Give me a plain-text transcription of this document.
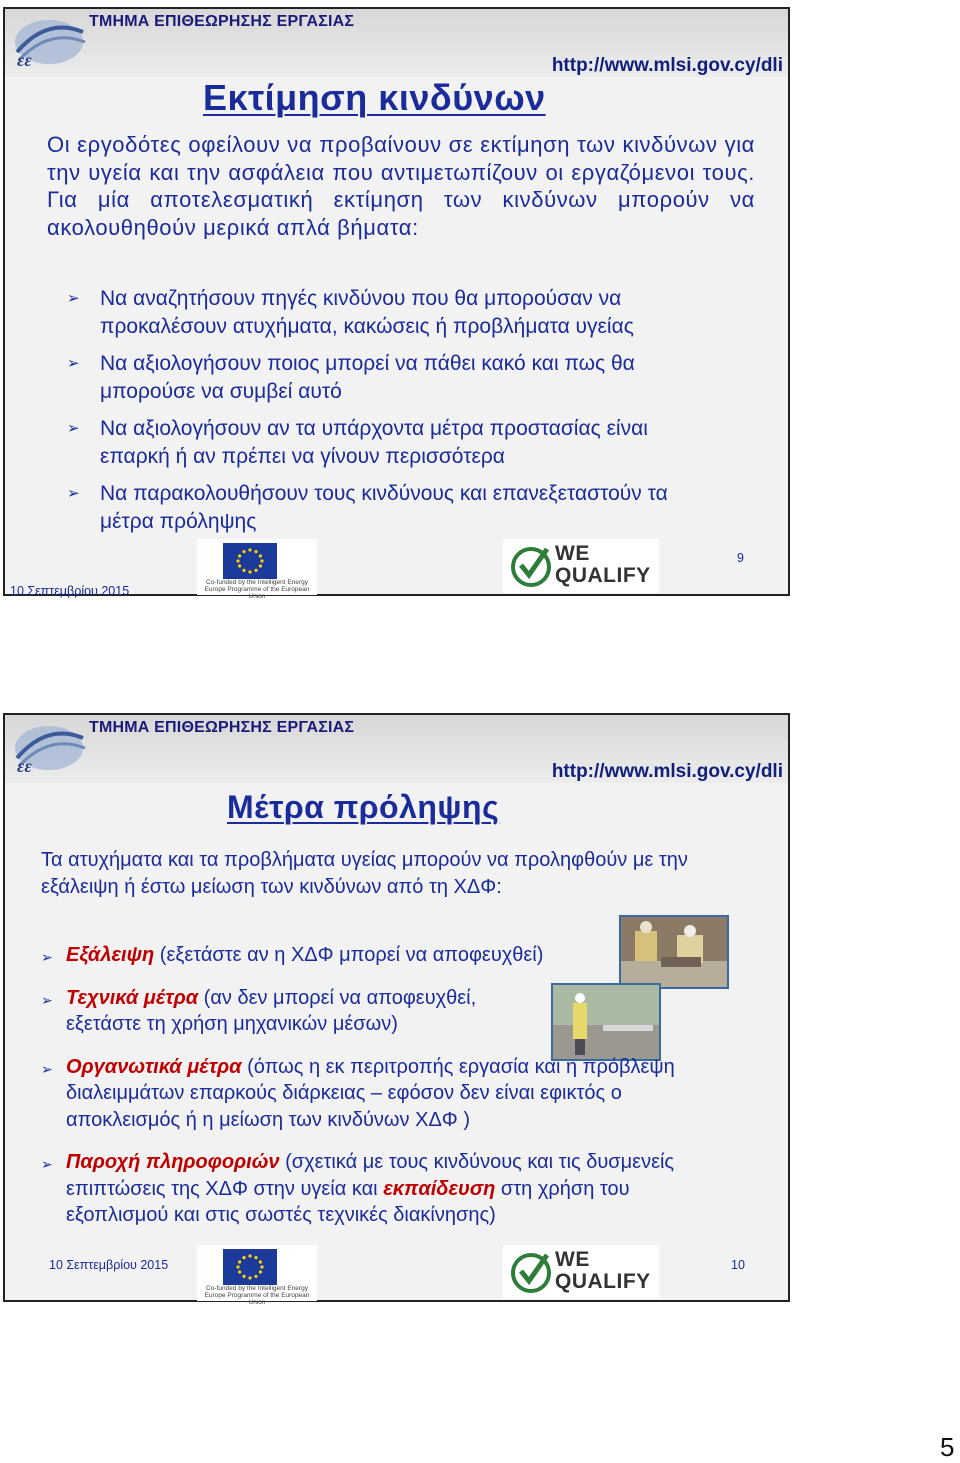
εε
ΤΜΗΜΑ ΕΠΙΘΕΩΡΗΣΗΣ ΕΡΓΑΣΙΑΣ
http://www.mlsi.gov.cy/dli
Εκτίμηση κινδύνων
Οι εργοδότες οφείλουν να προβαίνουν σε εκτίμηση των κινδύνων για την υγεία και την ασφάλεια που αντιμετωπίζουν οι εργαζόμενοι τους. Για μία αποτελεσματική εκτίμηση των κινδύνων μπορούν να ακολουθηθούν μερικά απλά βήματα:
➢ Να αναζητήσουν πηγές κινδύνου που θα μπορούσαν να προκαλέσουν ατυχήματα, κακώσεις ή προβλήματα υγείας
➢ Να αξιολογήσουν ποιος μπορεί να πάθει κακό και πως θα μπορούσε να συμβεί αυτό
➢ Να αξιολογήσουν αν τα υπάρχοντα μέτρα προστασίας είναι επαρκή ή αν πρέπει να γίνουν περισσότερα
➢ Να παρακολουθήσουν τους κινδύνους και επανεξεταστούν τα μέτρα πρόληψης
Co-funded by the Intelligent Energy Europe Programme of the European Union
WE
QUALIFY
9
10 Σεπτεμβρίου 2015
εε
ΤΜΗΜΑ ΕΠΙΘΕΩΡΗΣΗΣ ΕΡΓΑΣΙΑΣ
http://www.mlsi.gov.cy/dli
Μέτρα πρόληψης
Τα ατυχήματα και τα προβλήματα υγείας μπορούν να προληφθούν με την εξάλειψη ή έστω μείωση των κινδύνων από τη ΧΔΦ:
➢ Εξάλειψη (εξετάστε αν η ΧΔΦ μπορεί να αποφευχθεί)
➢ Τεχνικά μέτρα (αν δεν μπορεί να αποφευχθεί, εξετάστε τη χρήση μηχανικών μέσων)
➢ Οργανωτικά μέτρα (όπως η εκ περιτροπής εργασία και η πρόβλεψη διαλειμμάτων επαρκούς διάρκειας – εφόσον δεν είναι εφικτός ο αποκλεισμός ή η μείωση των κινδύνων ΧΔΦ )
➢ Παροχή πληροφοριών (σχετικά με τους κινδύνους και τις δυσμενείς επιπτώσεις της ΧΔΦ στην υγεία και εκπαίδευση στη χρήση του εξοπλισμού και στις σωστές τεχνικές διακίνησης)
Co-funded by the Intelligent Energy Europe Programme of the European Union
WE
QUALIFY
10 Σεπτεμβρίου 2015	10
5
